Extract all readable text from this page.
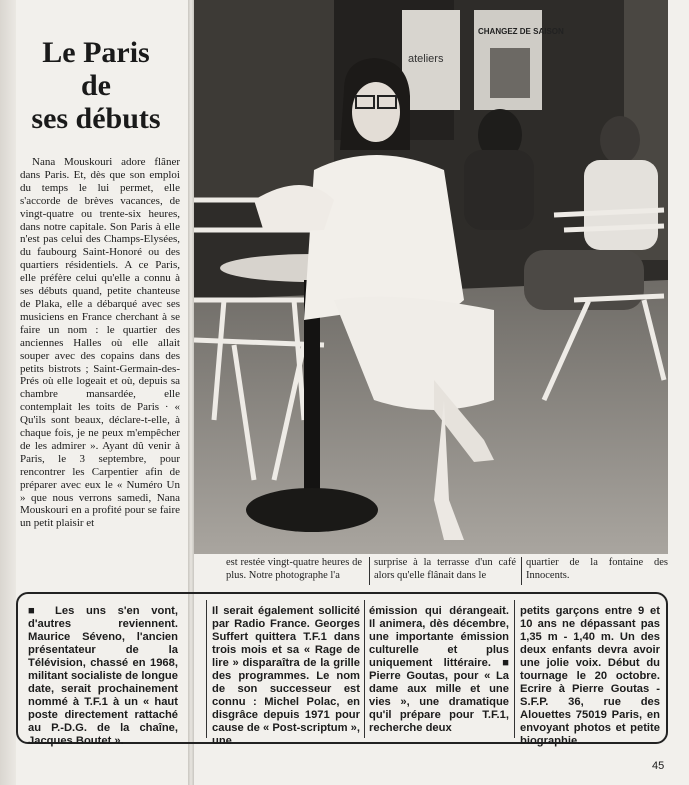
Le Paris
de
ses débuts

Nana Mouskouri adore flâner dans Paris. Et, dès que son emploi du temps le lui permet, elle s'accorde de brèves vacances, de vingt-quatre ou trente-six heures, dans notre capitale. Son Paris à elle n'est pas celui des Champs-Elysées, du faubourg Saint-Honoré ou des quartiers résidentiels. A ce Paris, elle préfère celui qu'elle a connu à ses débuts quand, petite chanteuse de Plaka, elle a débarqué avec ses musiciens en France cherchant à se faire un nom : le quartier des anciennes Halles où elle allait souper avec des copains dans des petits bistrots ; Saint-Germain-des-Prés où elle logeait et où, depuis sa chambre mansardée, elle contemplait les toits de Paris · « Qu'ils sont beaux, déclare-t-elle, à chaque fois, je ne peux m'empêcher de les admirer ». Ayant dû venir à Paris, le 3 septembre, pour rencontrer les Carpentier afin de préparer avec eux le « Numéro Un » que nous verrons samedi, Nana Mouskouri en a profité pour se faire un petit plaisir et

ateliers
CHANGEZ DE SAISON
est restée vingt-quatre heures de plus. Notre photographe l'a
surprise à la terrasse d'un café alors qu'elle flânait dans le
quartier de la fontaine des Innocents.
■ Les uns s'en vont, d'autres reviennent. Maurice Séveno, l'ancien présentateur de la Télévision, chassé en 1968, militant socialiste de longue date, serait prochainement nommé à T.F.1 à un « haut poste directement rattaché au P.-D.G. de la chaîne, Jacques Boutet ».
Il serait également sollicité par Radio France. Georges Suffert quittera T.F.1 dans trois mois et sa « Rage de lire » disparaîtra de la grille des programmes. Le nom de son successeur est connu : Michel Polac, en disgrâce depuis 1971 pour cause de « Post-scriptum », une
émission qui dérangeait. Il animera, dès décembre, une importante émission culturelle et plus uniquement littéraire. ■ Pierre Goutas, pour « La dame aux mille et une vies », une dramatique qu'il prépare pour T.F.1, recherche deux
petits garçons entre 9 et 10 ans ne dépassant pas 1,35 m - 1,40 m. Un des deux enfants devra avoir une jolie voix. Début du tournage le 20 octobre. Ecrire à Pierre Goutas - S.F.P. 36, rue des Alouettes 75019 Paris, en envoyant photos et petite biographie.
45
